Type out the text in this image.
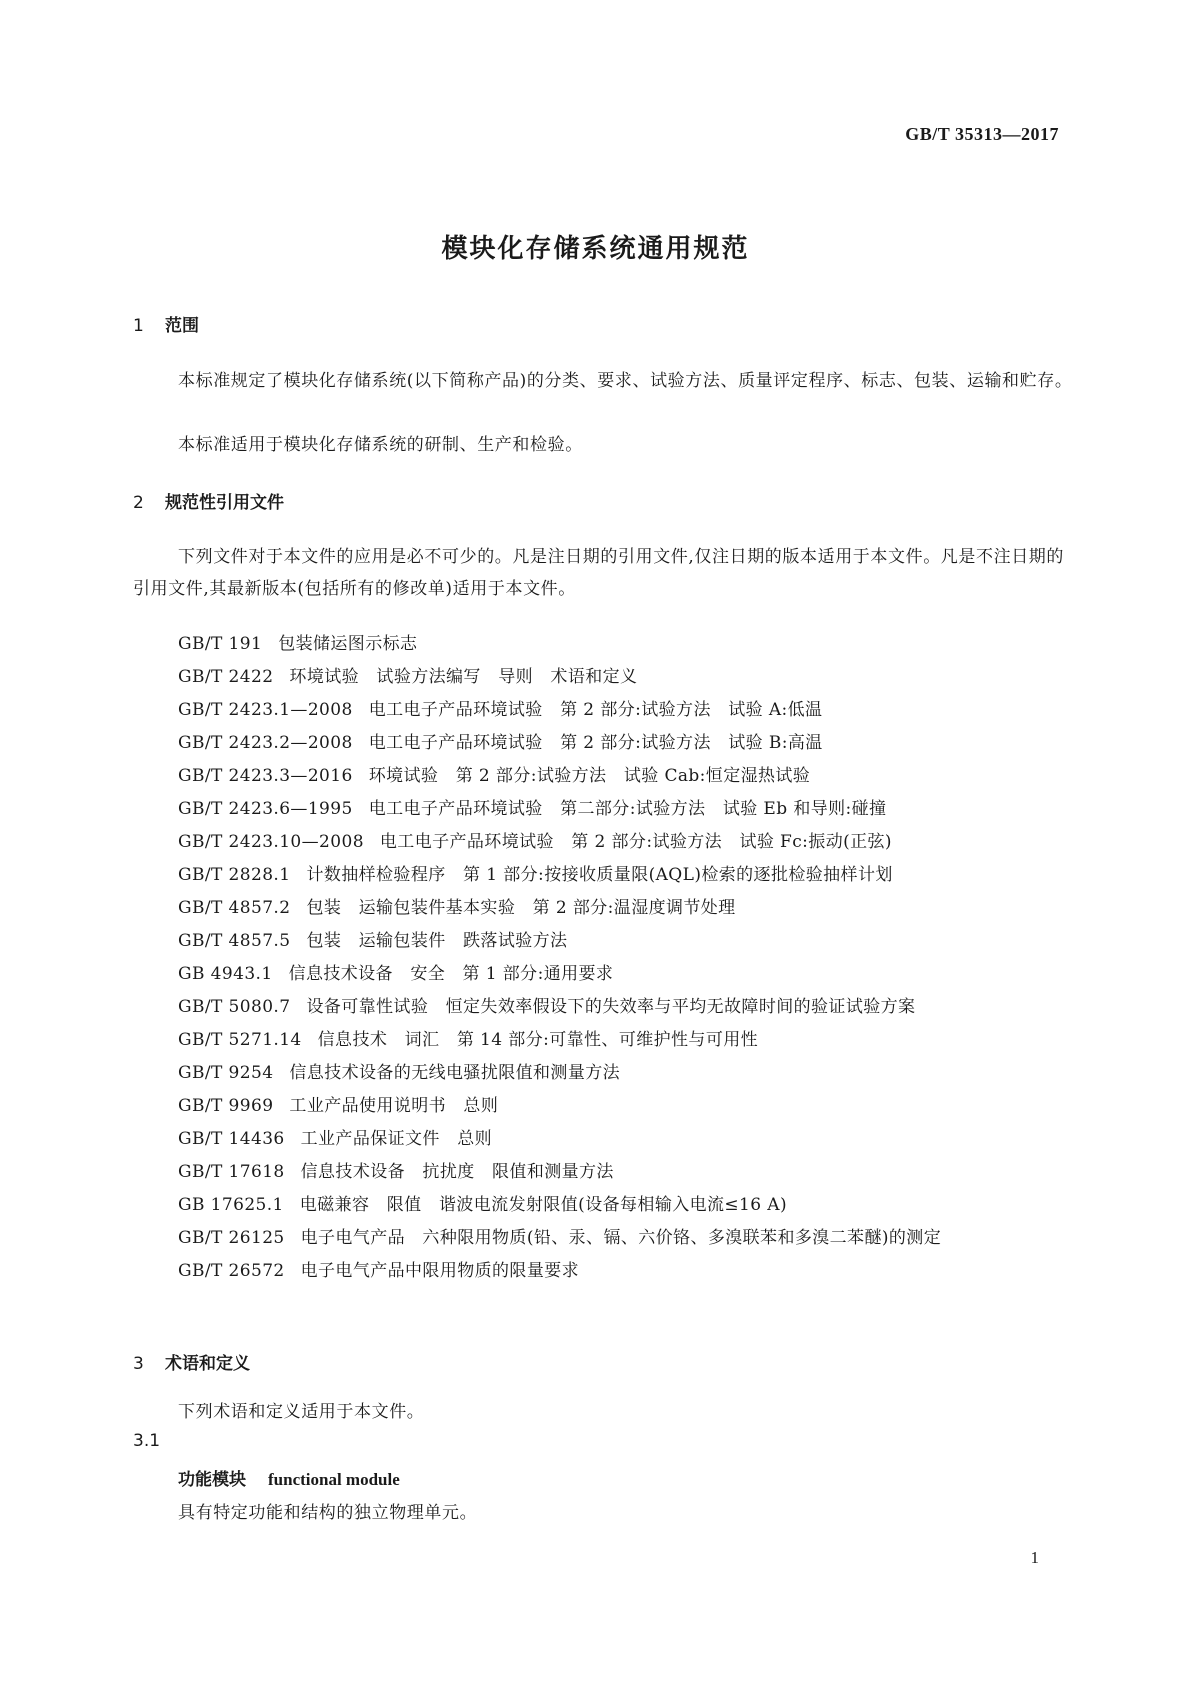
GB/T 35313—2017
模块化存储系统通用规范
1 范围
本标准规定了模块化存储系统(以下简称产品)的分类、要求、试验方法、质量评定程序、标志、包装、运输和贮存。
本标准适用于模块化存储系统的研制、生产和检验。
2 规范性引用文件
下列文件对于本文件的应用是必不可少的。凡是注日期的引用文件,仅注日期的版本适用于本文件。凡是不注日期的引用文件,其最新版本(包括所有的修改单)适用于本文件。
GB/T 191 包装储运图示标志
GB/T 2422 环境试验　试验方法编写　导则　术语和定义
GB/T 2423.1—2008 电工电子产品环境试验　第 2 部分:试验方法　试验 A:低温
GB/T 2423.2—2008 电工电子产品环境试验　第 2 部分:试验方法　试验 B:高温
GB/T 2423.3—2016 环境试验　第 2 部分:试验方法　试验 Cab:恒定湿热试验
GB/T 2423.6—1995 电工电子产品环境试验　第二部分:试验方法　试验 Eb 和导则:碰撞
GB/T 2423.10—2008 电工电子产品环境试验　第 2 部分:试验方法　试验 Fc:振动(正弦)
GB/T 2828.1 计数抽样检验程序　第 1 部分:按接收质量限(AQL)检索的逐批检验抽样计划
GB/T 4857.2 包装　运输包装件基本实验　第 2 部分:温湿度调节处理
GB/T 4857.5 包装　运输包装件　跌落试验方法
GB 4943.1 信息技术设备　安全　第 1 部分:通用要求
GB/T 5080.7 设备可靠性试验　恒定失效率假设下的失效率与平均无故障时间的验证试验方案
GB/T 5271.14 信息技术　词汇　第 14 部分:可靠性、可维护性与可用性
GB/T 9254 信息技术设备的无线电骚扰限值和测量方法
GB/T 9969 工业产品使用说明书　总则
GB/T 14436 工业产品保证文件　总则
GB/T 17618 信息技术设备　抗扰度　限值和测量方法
GB 17625.1 电磁兼容　限值　谐波电流发射限值(设备每相输入电流≤16 A)
GB/T 26125 电子电气产品　六种限用物质(铅、汞、镉、六价铬、多溴联苯和多溴二苯醚)的测定
GB/T 26572 电子电气产品中限用物质的限量要求
3 术语和定义
下列术语和定义适用于本文件。
3.1
功能模块 functional module
具有特定功能和结构的独立物理单元。
1
